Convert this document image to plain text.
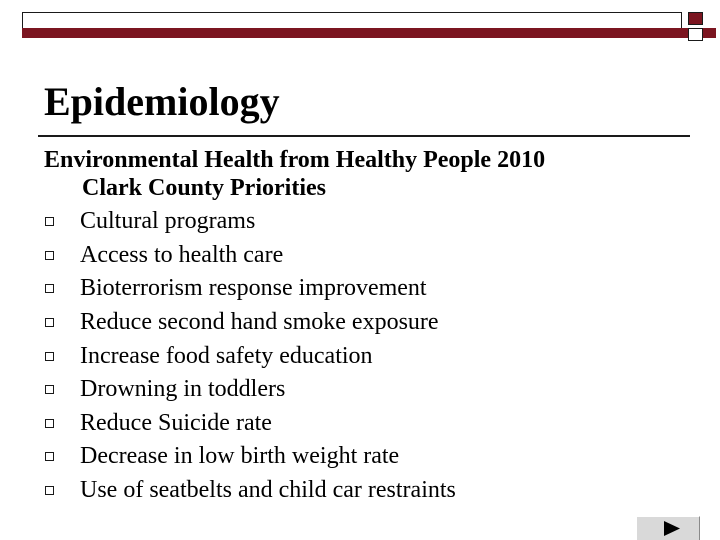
Epidemiology
Environmental Health from Healthy People 2010
Clark County Priorities
Cultural programs
Access to health care
Bioterrorism response improvement
Reduce second hand smoke exposure
Increase food safety education
Drowning in toddlers
Reduce Suicide rate
Decrease in low birth weight rate
Use of seatbelts and child car restraints
